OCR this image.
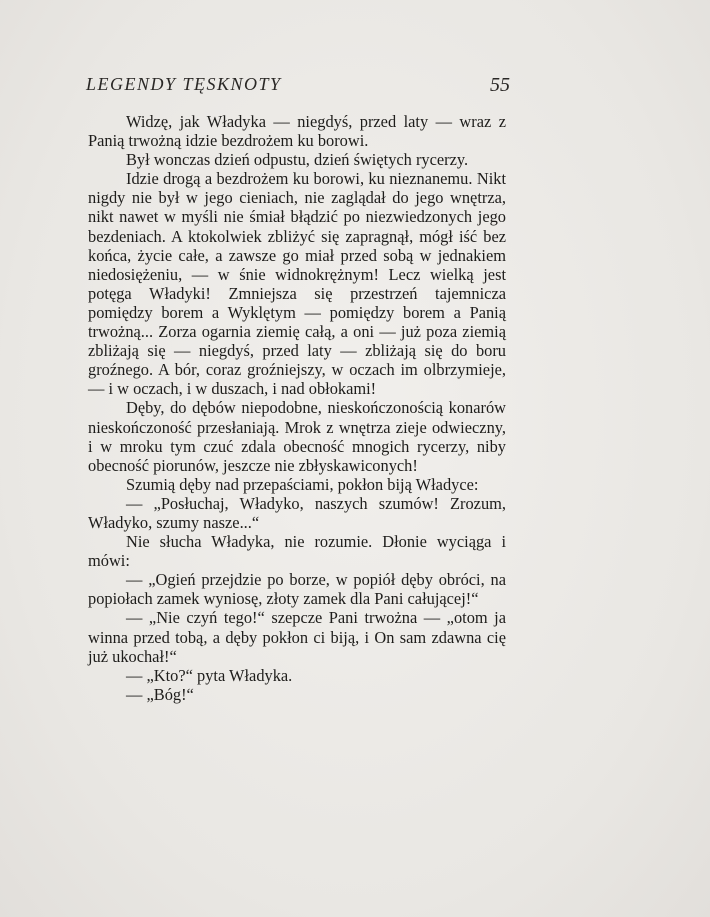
LEGENDY TĘSKNOTY	55

Widzę, jak Władyka — niegdyś, przed laty — wraz z Panią trwożną idzie bezdrożem ku borowi.

Był wonczas dzień odpustu, dzień świętych rycerzy.

Idzie drogą a bezdrożem ku borowi, ku nieznanemu. Nikt nigdy nie był w jego cieniach, nie zaglądał do jego wnętrza, nikt nawet w myśli nie śmiał błądzić po niezwiedzonych jego bezdeniach. A ktokolwiek zbliżyć się zapragnął, mógł iść bez końca, życie całe, a zawsze go miał przed sobą w jednakiem niedosiężeniu, — w śnie widnokrężnym! Lecz wielką jest potęga Władyki! Zmniejsza się przestrzeń tajemnicza pomiędzy borem a Wyklętym — pomiędzy borem a Panią trwożną... Zorza ogarnia ziemię całą, a oni — już poza ziemią zbliżają się — niegdyś, przed laty — zbliżają się do boru groźnego. A bór, coraz groźniejszy, w oczach im olbrzymieje, — i w oczach, i w duszach, i nad obłokami!

Dęby, do dębów niepodobne, nieskończonością konarów nieskończoność przesłaniają. Mrok z wnętrza zieje odwieczny, i w mroku tym czuć zdala obecność mnogich rycerzy, niby obecność piorunów, jeszcze nie zbłyskawiconych!

Szumią dęby nad przepaściami, pokłon biją Władyce:

— „Posłuchaj, Władyko, naszych szumów! Zrozum, Władyko, szumy nasze...“

Nie słucha Władyka, nie rozumie. Dłonie wyciąga i mówi:

— „Ogień przejdzie po borze, w popiół dęby obróci, na popiołach zamek wyniosę, złoty zamek dla Pani całującej!“

— „Nie czyń tego!“ szepcze Pani trwożna — „otom ja winna przed tobą, a dęby pokłon ci biją, i On sam zdawna cię już ukochał!“

— „Kto?“ pyta Władyka.

— „Bóg!“
